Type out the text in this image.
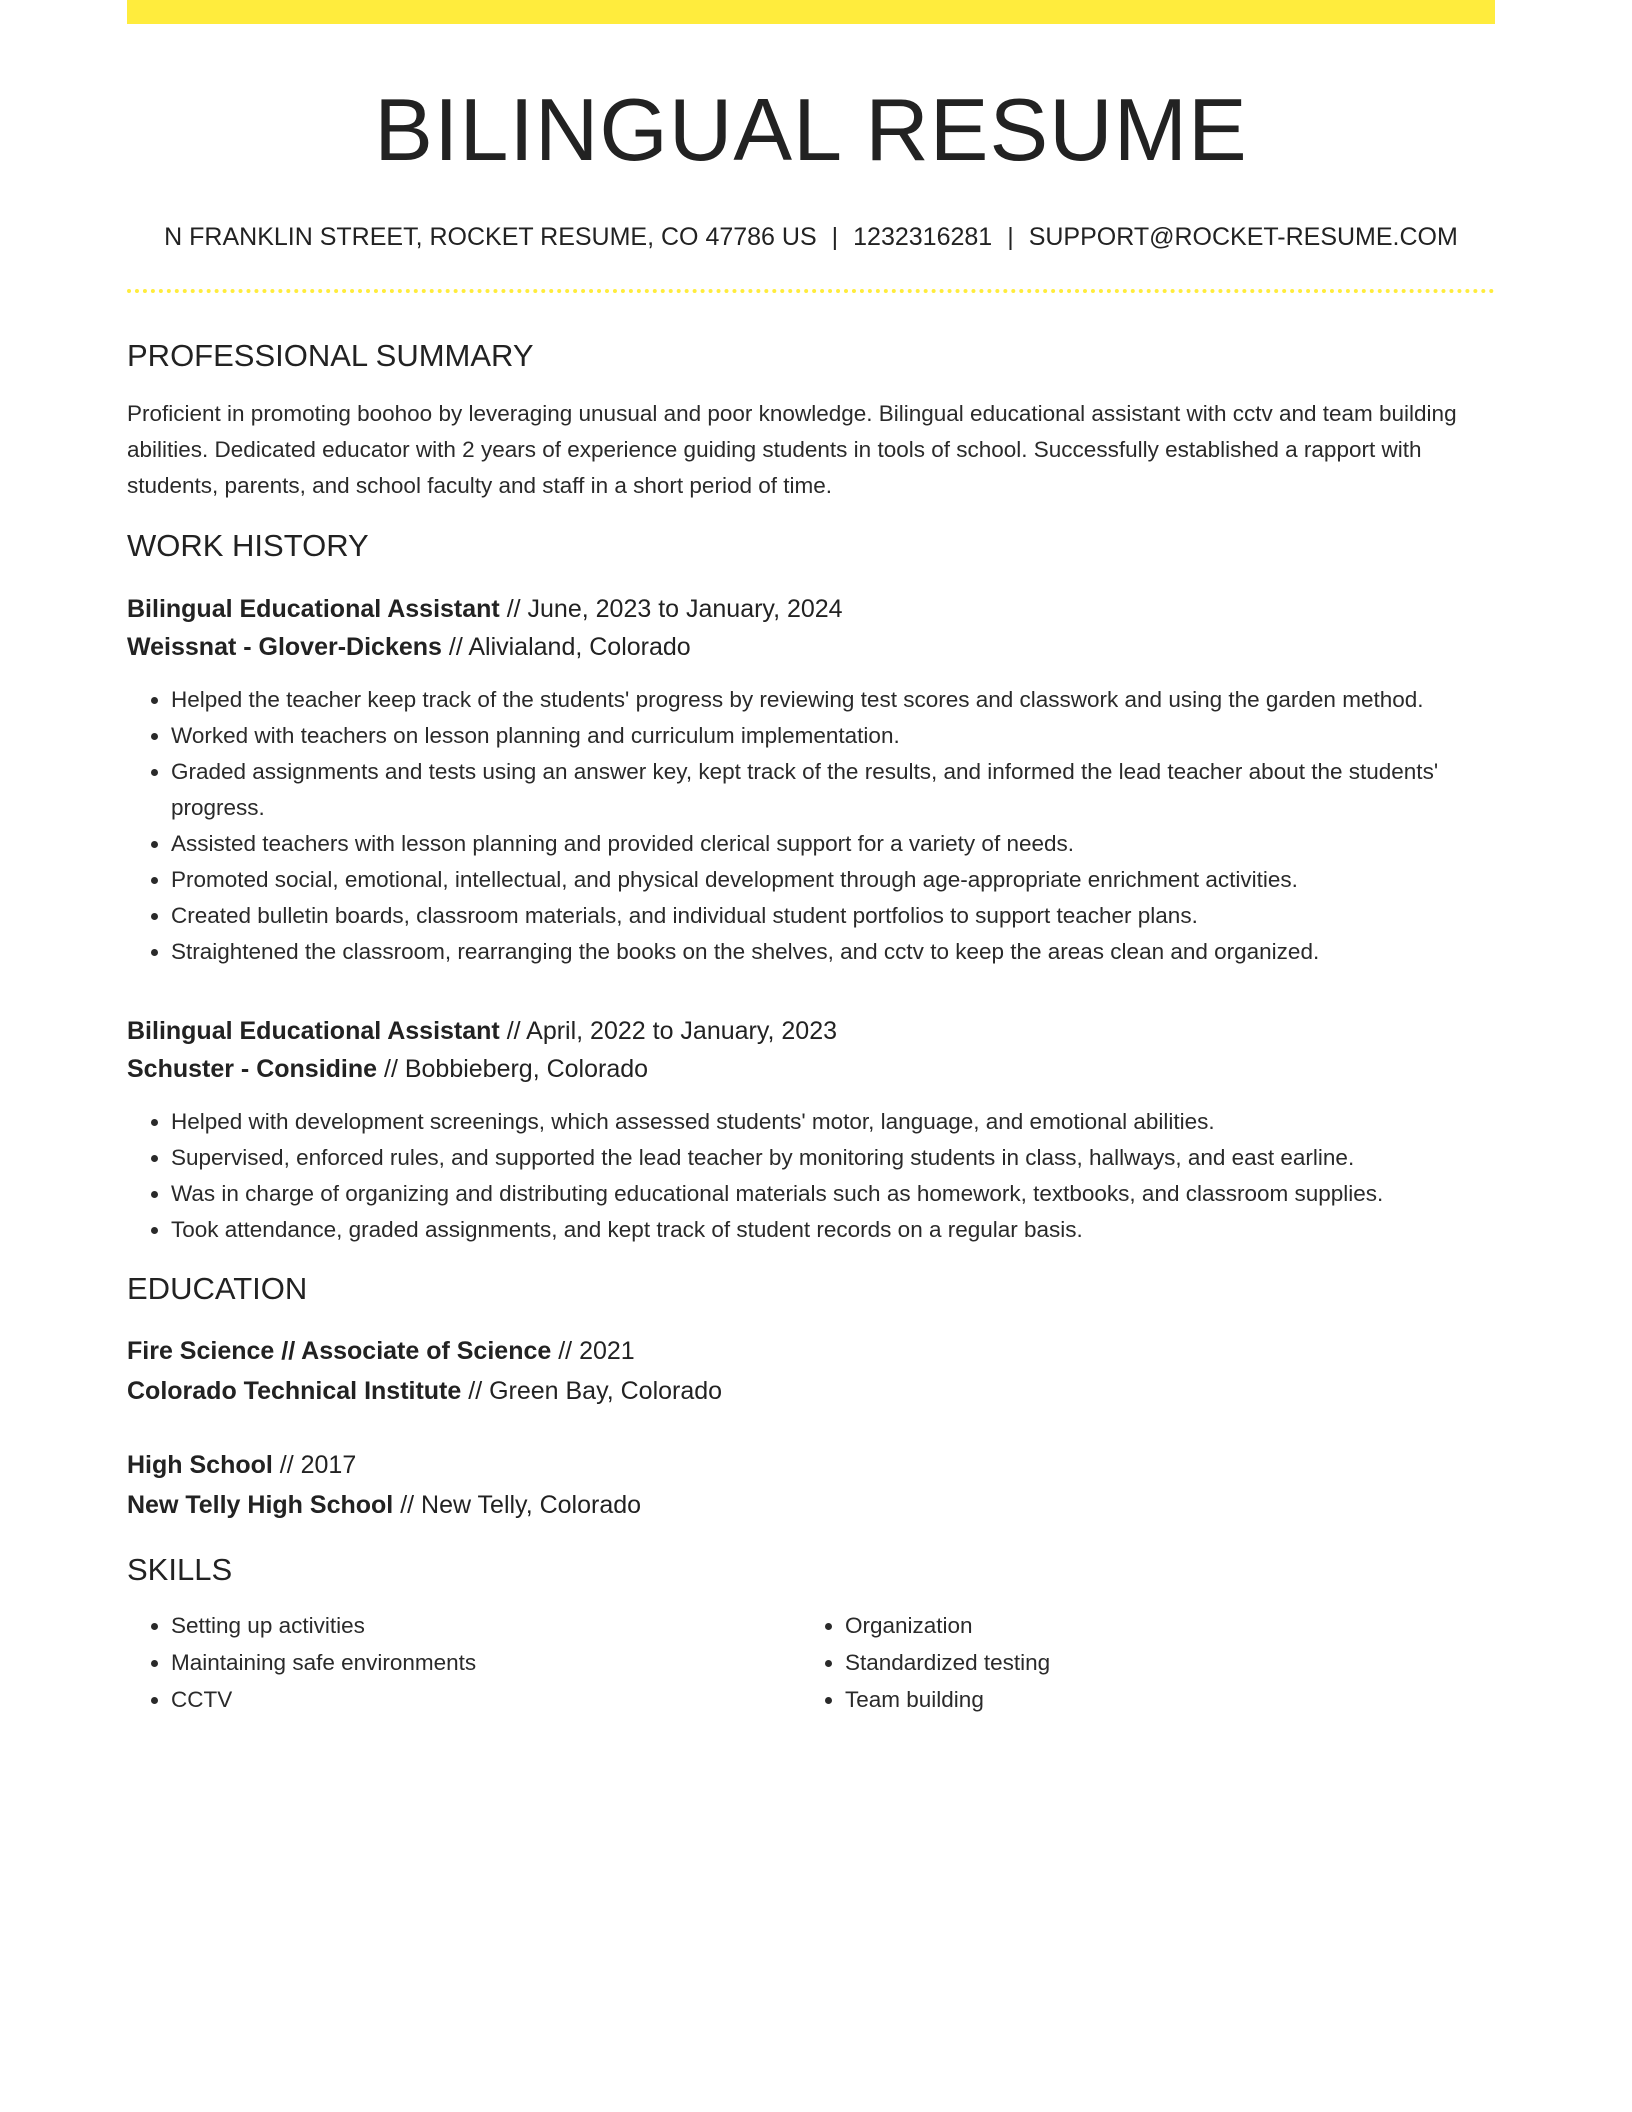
BILINGUAL RESUME
N FRANKLIN STREET, ROCKET RESUME, CO 47786 US | 1232316281 | SUPPORT@ROCKET-RESUME.COM
PROFESSIONAL SUMMARY

Proficient in promoting boohoo by leveraging unusual and poor knowledge. Bilingual educational assistant with cctv and team building abilities. Dedicated educator with 2 years of experience guiding students in tools of school. Successfully established a rapport with students, parents, and school faculty and staff in a short period of time.

WORK HISTORY
Bilingual Educational Assistant // June, 2023 to January, 2024
Weissnat - Glover-Dickens // Alivialand, Colorado
• Helped the teacher keep track of the students' progress by reviewing test scores and classwork and using the garden method.
• Worked with teachers on lesson planning and curriculum implementation.
• Graded assignments and tests using an answer key, kept track of the results, and informed the lead teacher about the students' progress.
• Assisted teachers with lesson planning and provided clerical support for a variety of needs.
• Promoted social, emotional, intellectual, and physical development through age-appropriate enrichment activities.
• Created bulletin boards, classroom materials, and individual student portfolios to support teacher plans.
• Straightened the classroom, rearranging the books on the shelves, and cctv to keep the areas clean and organized.
Bilingual Educational Assistant // April, 2022 to January, 2023
Schuster - Considine // Bobbieberg, Colorado
• Helped with development screenings, which assessed students' motor, language, and emotional abilities.
• Supervised, enforced rules, and supported the lead teacher by monitoring students in class, hallways, and east earline.
• Was in charge of organizing and distributing educational materials such as homework, textbooks, and classroom supplies.
• Took attendance, graded assignments, and kept track of student records on a regular basis.
EDUCATION
Fire Science // Associate of Science // 2021
Colorado Technical Institute // Green Bay, Colorado
High School // 2017
New Telly High School // New Telly, Colorado
SKILLS
• Setting up activities
• Maintaining safe environments
• CCTV
• Organization
• Standardized testing
• Team building
